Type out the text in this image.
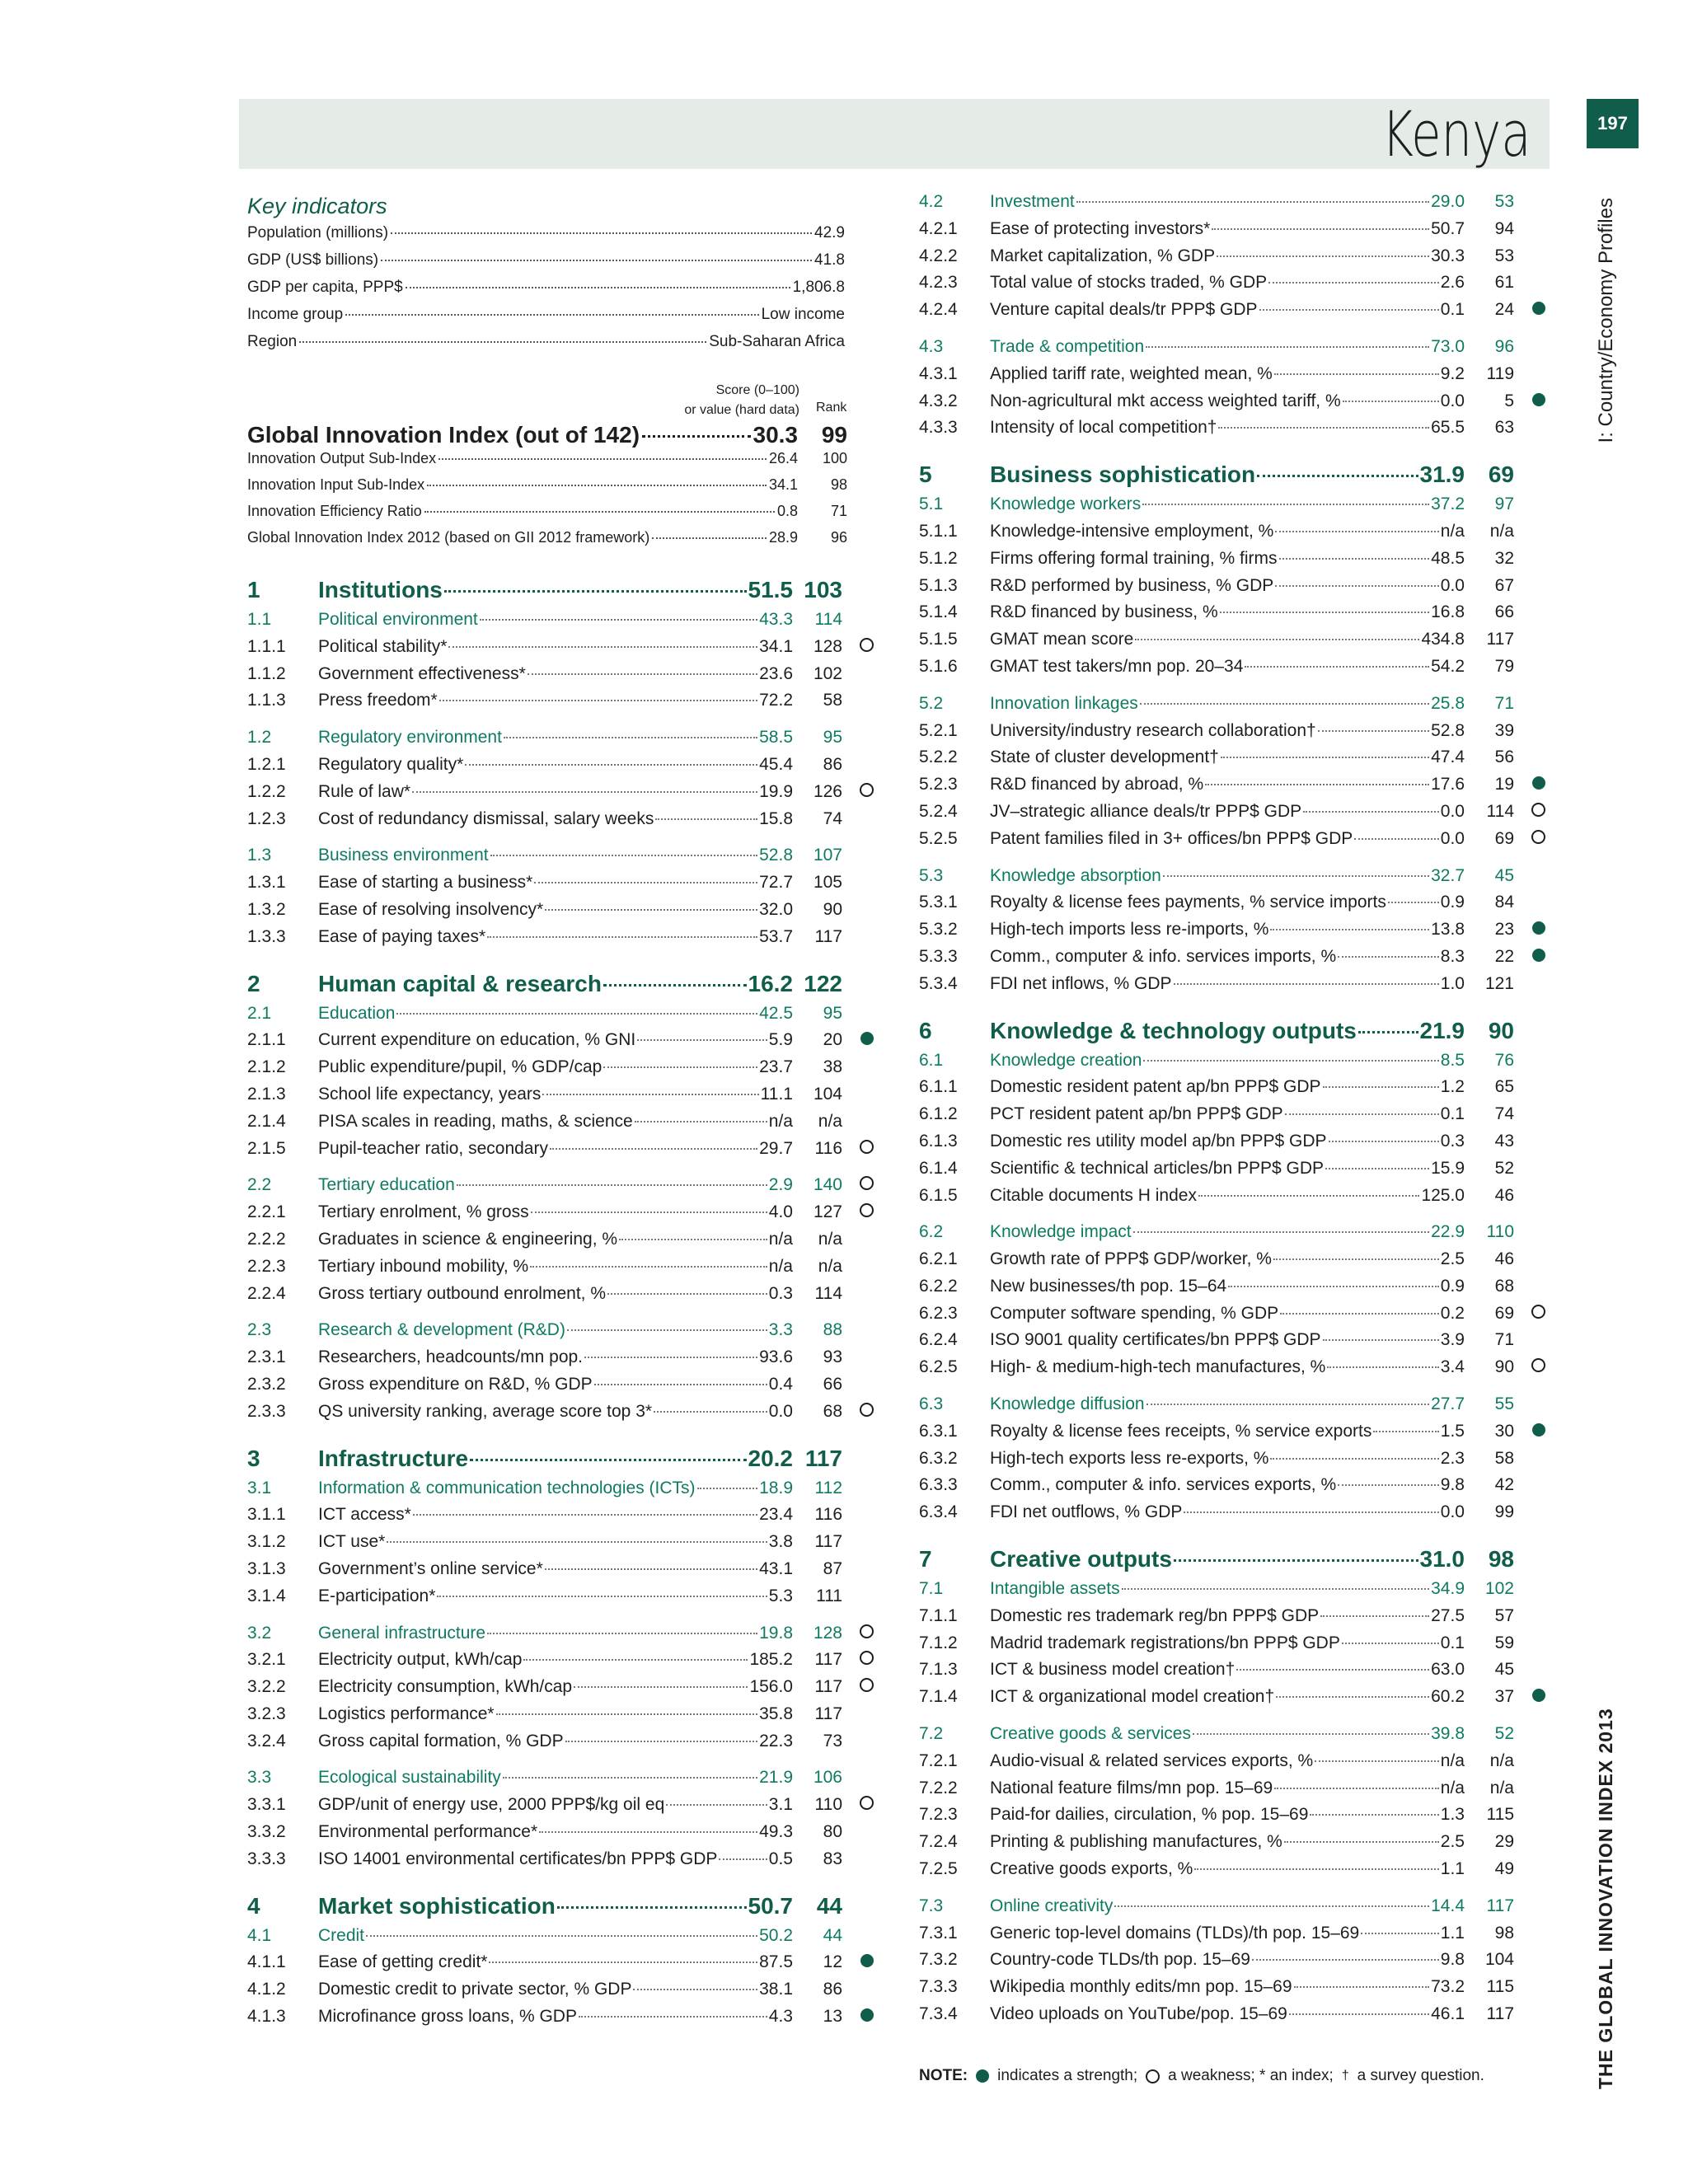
Kenya	197
I: Country/Economy Profiles
THE GLOBAL INNOVATION INDEX 2013
Key indicators
Population (millions)	42.9
GDP (US$ billions)	41.8
GDP per capita, PPP$	1,806.8
Income group	Low income
Region	Sub-Saharan Africa
Score (0–100)
or value (hard data) Rank
Global Innovation Index (out of 142)	30.3	99
Innovation Output Sub-Index	26.4	100
Innovation Input Sub-Index	34.1	98
Innovation Efficiency Ratio	0.8	71
Global Innovation Index 2012 (based on GII 2012 framework)	28.9	96
1	Institutions	51.5 103
1.1	Political environment	43.3	114
1.1.1	Political stability*	34.1	128
1.1.2	Government effectiveness*	23.6	102
1.1.3	Press freedom*	72.2	58
1.2	Regulatory environment	58.5	95
1.2.1	Regulatory quality*	45.4	86
1.2.2	Rule of law*	19.9	126
1.2.3	Cost of redundancy dismissal, salary weeks	15.8	74
1.3	Business environment	52.8	107
1.3.1	Ease of starting a business*	72.7	105
1.3.2	Ease of resolving insolvency*	32.0	90
1.3.3	Ease of paying taxes*	53.7	117
2	Human capital & research	16.2 122
2.1	Education	42.5	95
2.1.1	Current expenditure on education, % GNI	5.9	20
2.1.2	Public expenditure/pupil, % GDP/cap	23.7	38
2.1.3	School life expectancy, years	11.1	104
2.1.4	PISA scales in reading, maths, & science	n/a	n/a
2.1.5	Pupil-teacher ratio, secondary	29.7	116
2.2	Tertiary education	2.9	140
2.2.1	Tertiary enrolment, % gross	4.0	127
2.2.2	Graduates in science & engineering, %	n/a	n/a
2.2.3	Tertiary inbound mobility, %	n/a	n/a
2.2.4	Gross tertiary outbound enrolment, %	0.3	114
2.3	Research & development (R&D)	3.3	88
2.3.1	Researchers, headcounts/mn pop.	93.6	93
2.3.2	Gross expenditure on R&D, % GDP	0.4	66
2.3.3	QS university ranking, average score top 3*	0.0	68
3	Infrastructure	20.2 117
3.1	Information & communication technologies (ICTs)	18.9	112
3.1.1	ICT access*	23.4	116
3.1.2	ICT use*	3.8	117
3.1.3	Government’s online service*	43.1	87
3.1.4	E-participation*	5.3	111
3.2	General infrastructure	19.8	128
3.2.1	Electricity output, kWh/cap	185.2	117
3.2.2	Electricity consumption, kWh/cap	156.0	117
3.2.3	Logistics performance*	35.8	117
3.2.4	Gross capital formation, % GDP	22.3	73
3.3	Ecological sustainability	21.9	106
3.3.1	GDP/unit of energy use, 2000 PPP$/kg oil eq	3.1	110
3.3.2	Environmental performance*	49.3	80
3.3.3	ISO 14001 environmental certificates/bn PPP$ GDP	0.5	83
4	Market sophistication	50.7	44
4.1	Credit	50.2	44
4.1.1	Ease of getting credit*	87.5	12
4.1.2	Domestic credit to private sector, % GDP	38.1	86
4.1.3	Microfinance gross loans, % GDP	4.3	13
4.2	Investment	29.0	53
4.2.1	Ease of protecting investors*	50.7	94
4.2.2	Market capitalization, % GDP	30.3	53
4.2.3	Total value of stocks traded, % GDP	2.6	61
4.2.4	Venture capital deals/tr PPP$ GDP	0.1	24
4.3	Trade & competition	73.0	96
4.3.1	Applied tariff rate, weighted mean, %	9.2	119
4.3.2	Non-agricultural mkt access weighted tariff, %	0.0	5
4.3.3	Intensity of local competition†	65.5	63
5	Business sophistication	31.9	69
5.1	Knowledge workers	37.2	97
5.1.1	Knowledge-intensive employment, %	n/a	n/a
5.1.2	Firms offering formal training, % firms	48.5	32
5.1.3	R&D performed by business, % GDP	0.0	67
5.1.4	R&D financed by business, %	16.8	66
5.1.5	GMAT mean score	434.8	117
5.1.6	GMAT test takers/mn pop. 20–34	54.2	79
5.2	Innovation linkages	25.8	71
5.2.1	University/industry research collaboration†	52.8	39
5.2.2	State of cluster development†	47.4	56
5.2.3	R&D financed by abroad, %	17.6	19
5.2.4	JV–strategic alliance deals/tr PPP$ GDP	0.0	114
5.2.5	Patent families filed in 3+ offices/bn PPP$ GDP	0.0	69
5.3	Knowledge absorption	32.7	45
5.3.1	Royalty & license fees payments, % service imports	0.9	84
5.3.2	High-tech imports less re-imports, %	13.8	23
5.3.3	Comm., computer & info. services imports, %	8.3	22
5.3.4	FDI net inflows, % GDP	1.0	121
6	Knowledge & technology outputs	21.9	90
6.1	Knowledge creation	8.5	76
6.1.1	Domestic resident patent ap/bn PPP$ GDP	1.2	65
6.1.2	PCT resident patent ap/bn PPP$ GDP	0.1	74
6.1.3	Domestic res utility model ap/bn PPP$ GDP	0.3	43
6.1.4	Scientific & technical articles/bn PPP$ GDP	15.9	52
6.1.5	Citable documents H index	125.0	46
6.2	Knowledge impact	22.9	110
6.2.1	Growth rate of PPP$ GDP/worker, %	2.5	46
6.2.2	New businesses/th pop. 15–64	0.9	68
6.2.3	Computer software spending, % GDP	0.2	69
6.2.4	ISO 9001 quality certificates/bn PPP$ GDP	3.9	71
6.2.5	High- & medium-high-tech manufactures, %	3.4	90
6.3	Knowledge diffusion	27.7	55
6.3.1	Royalty & license fees receipts, % service exports	1.5	30
6.3.2	High-tech exports less re-exports, %	2.3	58
6.3.3	Comm., computer & info. services exports, %	9.8	42
6.3.4	FDI net outflows, % GDP	0.0	99
7	Creative outputs	31.0	98
7.1	Intangible assets	34.9	102
7.1.1	Domestic res trademark reg/bn PPP$ GDP	27.5	57
7.1.2	Madrid trademark registrations/bn PPP$ GDP	0.1	59
7.1.3	ICT & business model creation†	63.0	45
7.1.4	ICT & organizational model creation†	60.2	37
7.2	Creative goods & services	39.8	52
7.2.1	Audio-visual & related services exports, %	n/a	n/a
7.2.2	National feature films/mn pop. 15–69	n/a	n/a
7.2.3	Paid-for dailies, circulation, % pop. 15–69	1.3	115
7.2.4	Printing & publishing manufactures, %	2.5	29
7.2.5	Creative goods exports, %	1.1	49
7.3	Online creativity	14.4	117
7.3.1	Generic top-level domains (TLDs)/th pop. 15–69	1.1	98
7.3.2	Country-code TLDs/th pop. 15–69	9.8	104
7.3.3	Wikipedia monthly edits/mn pop. 15–69	73.2	115
7.3.4	Video uploads on YouTube/pop. 15–69	46.1	117
NOTE: indicates a strength; a weakness; * an index; † a survey question.
